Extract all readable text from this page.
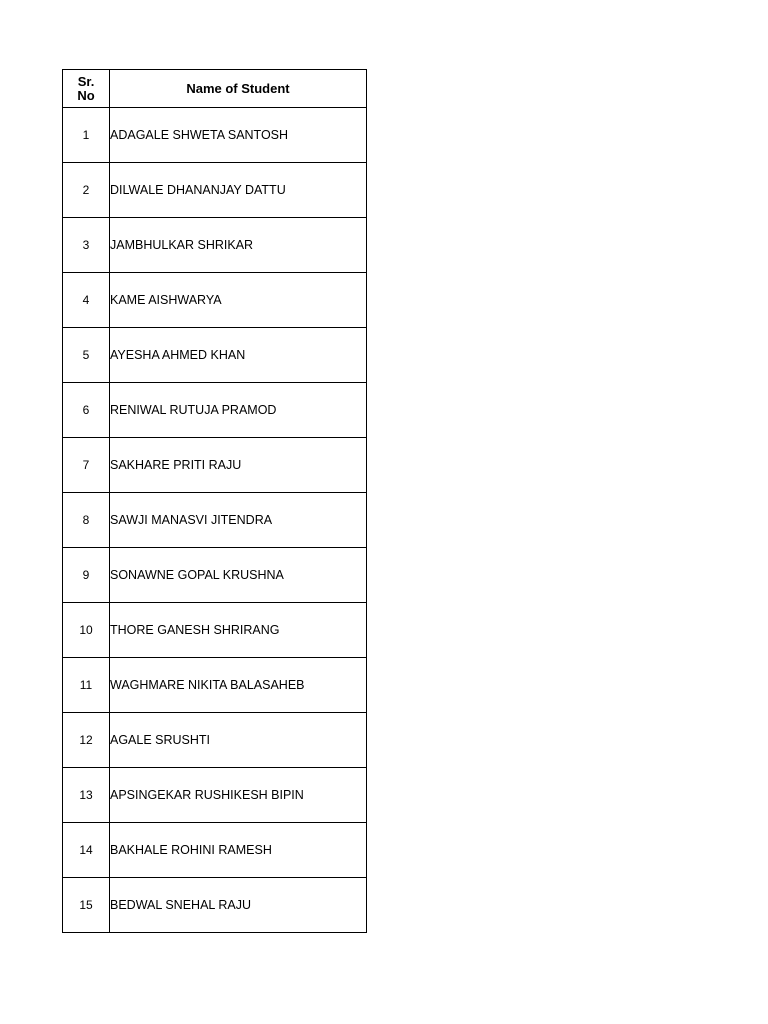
Sr.
No	Name of Student
1	ADAGALE SHWETA SANTOSH
2	DILWALE DHANANJAY DATTU
3	JAMBHULKAR SHRIKAR
4	KAME AISHWARYA
5	AYESHA AHMED KHAN
6	RENIWAL RUTUJA PRAMOD
7	SAKHARE PRITI RAJU
8	SAWJI MANASVI JITENDRA
9	SONAWNE GOPAL KRUSHNA
10	THORE GANESH SHRIRANG
11	WAGHMARE NIKITA BALASAHEB
12	AGALE SRUSHTI
13	APSINGEKAR RUSHIKESH BIPIN
14	BAKHALE ROHINI RAMESH
15	BEDWAL SNEHAL RAJU
